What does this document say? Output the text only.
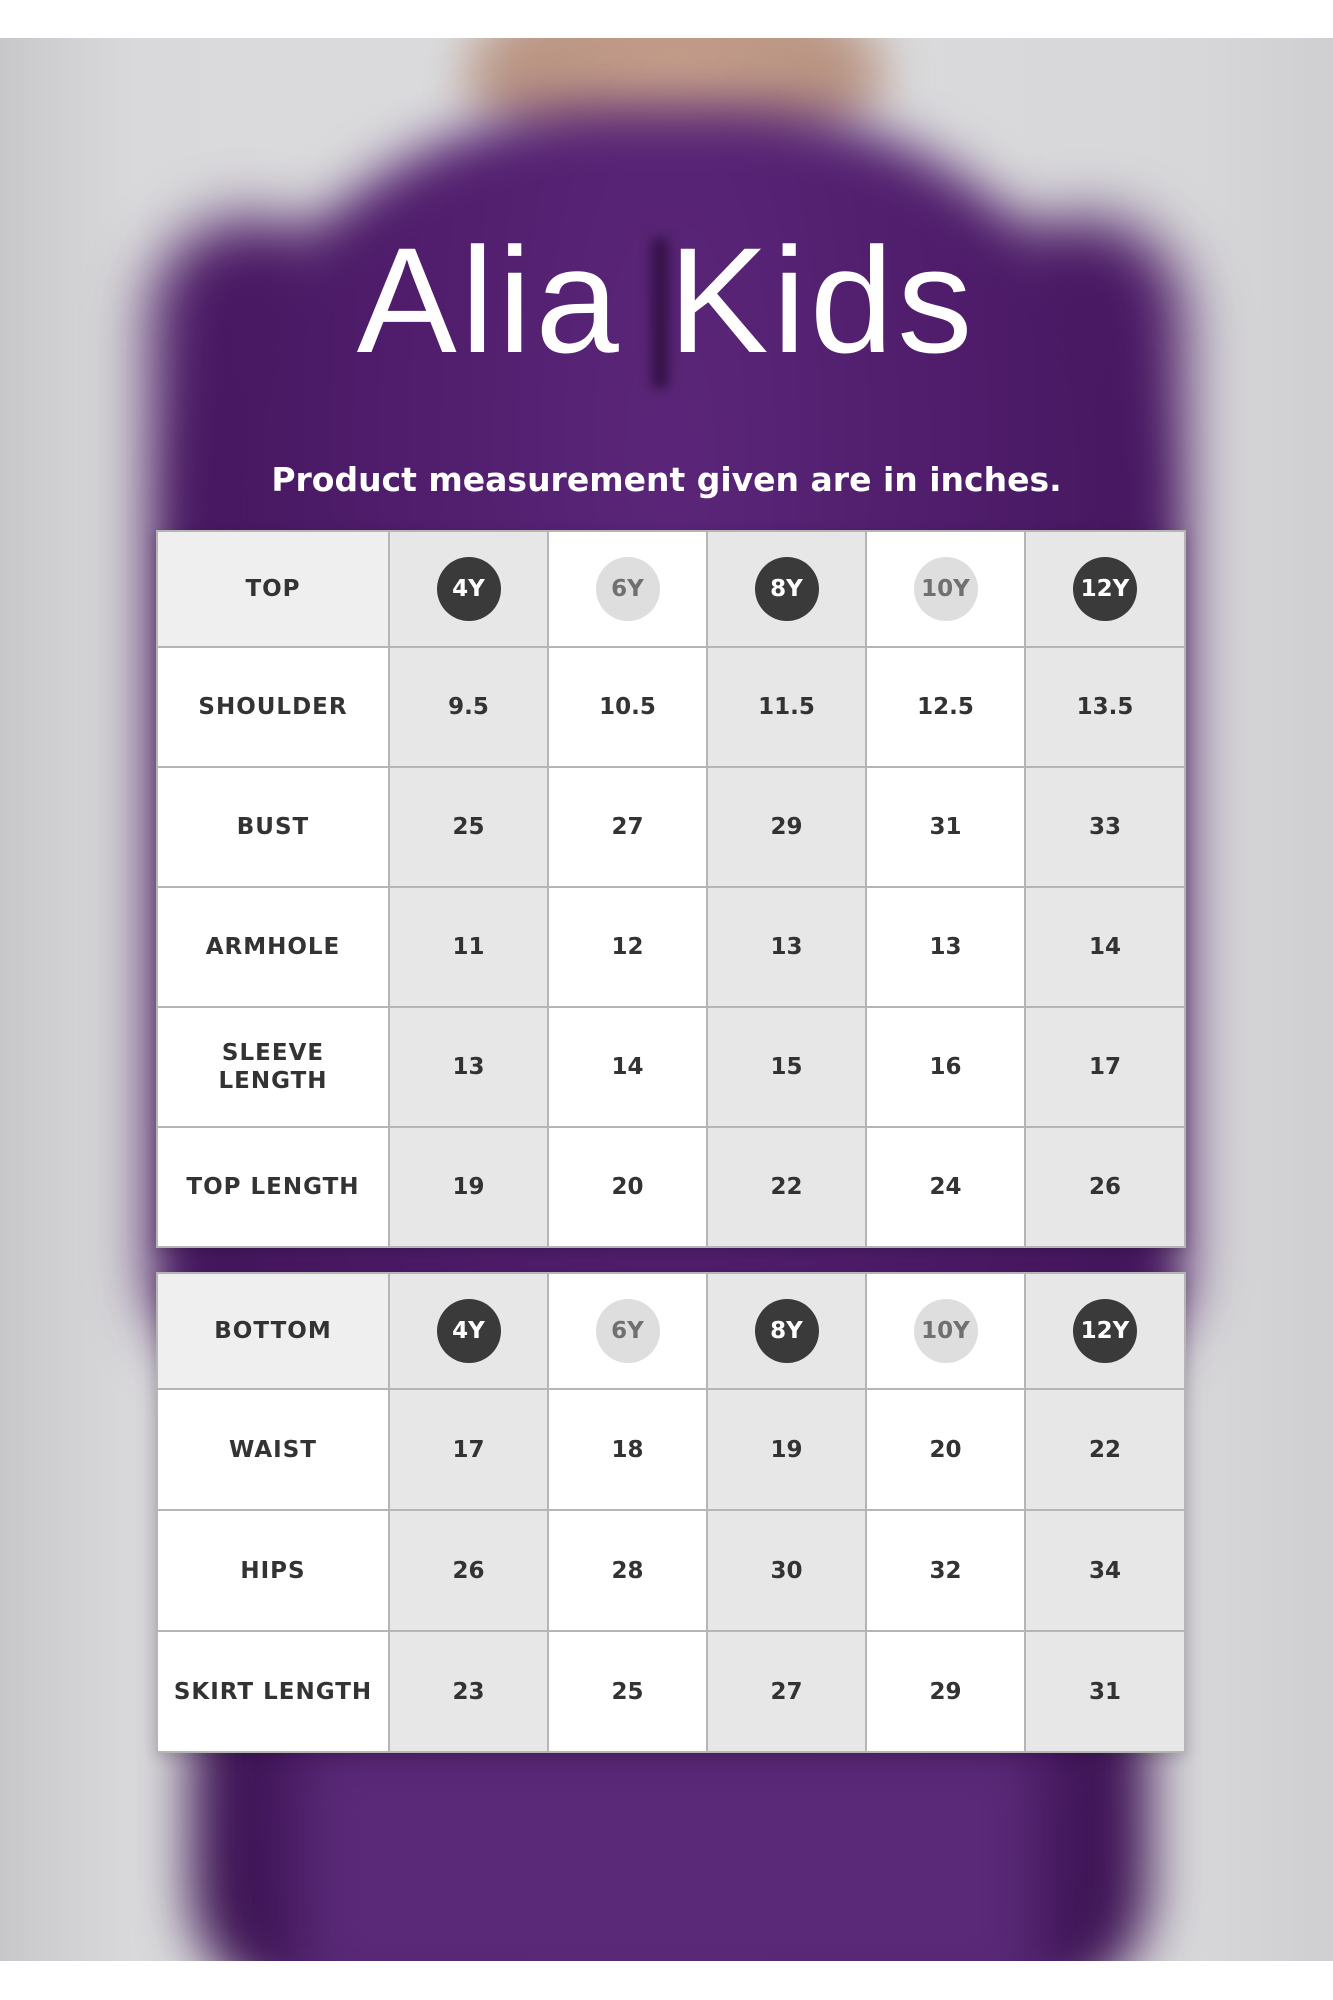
Alia Kids
Product measurement given are in inches.
TOP	4Y	6Y	8Y	10Y	12Y
SHOULDER	9.5	10.5	11.5	12.5	13.5
BUST	25	27	29	31	33
ARMHOLE	11	12	13	13	14
SLEEVE LENGTH	13	14	15	16	17
TOP LENGTH	19	20	22	24	26
BOTTOM	4Y	6Y	8Y	10Y	12Y
WAIST	17	18	19	20	22
HIPS	26	28	30	32	34
SKIRT LENGTH	23	25	27	29	31
